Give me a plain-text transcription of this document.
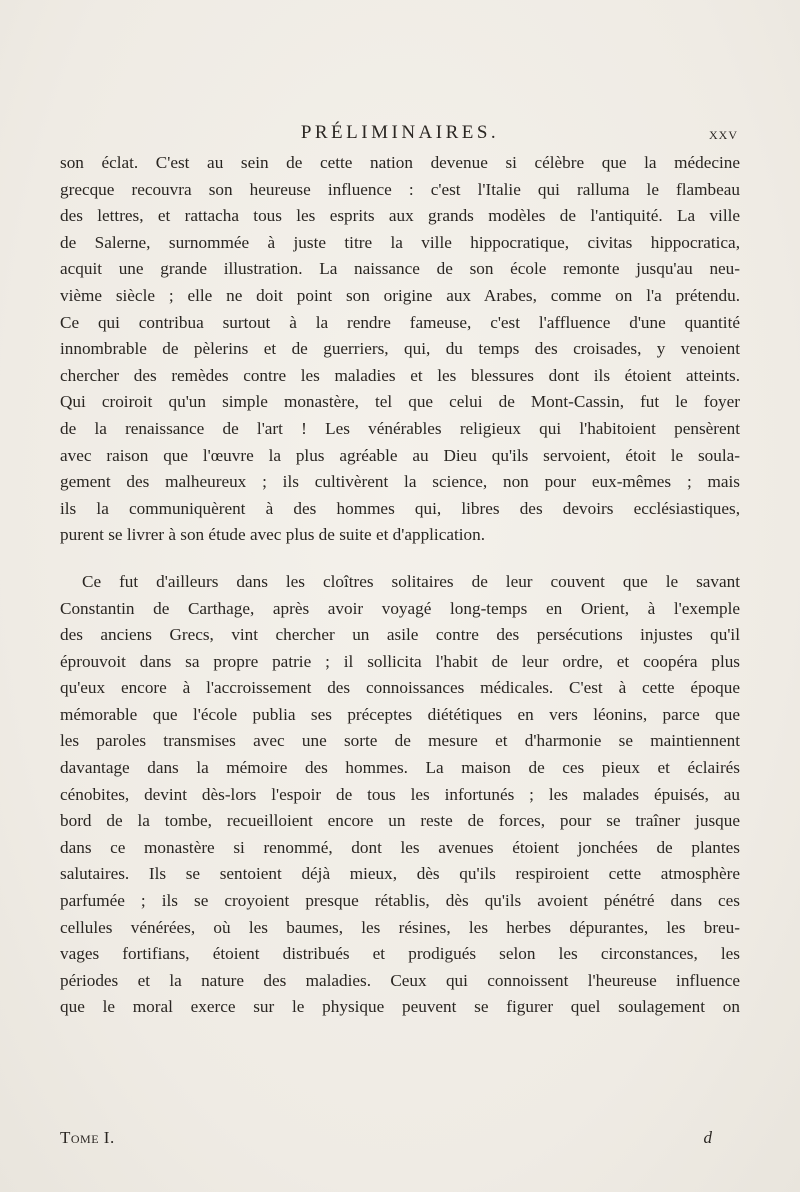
PRÉLIMINAIRES.	XXV
son éclat. C'est au sein de cette nation devenue si célèbre que la médecine
grecque recouvra son heureuse influence : c'est l'Italie qui ralluma le flambeau
des lettres, et rattacha tous les esprits aux grands modèles de l'antiquité. La ville
de Salerne, surnommée à juste titre la ville hippocratique, civitas hippocratica,
acquit une grande illustration. La naissance de son école remonte jusqu'au neu-
vième siècle ; elle ne doit point son origine aux Arabes, comme on l'a prétendu.
Ce qui contribua surtout à la rendre fameuse, c'est l'affluence d'une quantité
innombrable de pèlerins et de guerriers, qui, du temps des croisades, y venoient
chercher des remèdes contre les maladies et les blessures dont ils étoient atteints.
Qui croiroit qu'un simple monastère, tel que celui de Mont-Cassin, fut le foyer
de la renaissance de l'art ! Les vénérables religieux qui l'habitoient pensèrent
avec raison que l'œuvre la plus agréable au Dieu qu'ils servoient, étoit le soula-
gement des malheureux ; ils cultivèrent la science, non pour eux-mêmes ; mais
ils la communiquèrent à des hommes qui, libres des devoirs ecclésiastiques,
purent se livrer à son étude avec plus de suite et d'application.
Ce fut d'ailleurs dans les cloîtres solitaires de leur couvent que le savant
Constantin de Carthage, après avoir voyagé long-temps en Orient, à l'exemple
des anciens Grecs, vint chercher un asile contre des persécutions injustes qu'il
éprouvoit dans sa propre patrie ; il sollicita l'habit de leur ordre, et coopéra plus
qu'eux encore à l'accroissement des connoissances médicales. C'est à cette époque
mémorable que l'école publia ses préceptes diététiques en vers léonins, parce que
les paroles transmises avec une sorte de mesure et d'harmonie se maintiennent
davantage dans la mémoire des hommes. La maison de ces pieux et éclairés
cénobites, devint dès-lors l'espoir de tous les infortunés ; les malades épuisés, au
bord de la tombe, recueilloient encore un reste de forces, pour se traîner jusque
dans ce monastère si renommé, dont les avenues étoient jonchées de plantes
salutaires. Ils se sentoient déjà mieux, dès qu'ils respiroient cette atmosphère
parfumée ; ils se croyoient presque rétablis, dès qu'ils avoient pénétré dans ces
cellules vénérées, où les baumes, les résines, les herbes dépurantes, les breu-
vages fortifians, étoient distribués et prodigués selon les circonstances, les
périodes et la nature des maladies. Ceux qui connoissent l'heureuse influence
que le moral exerce sur le physique peuvent se figurer quel soulagement on
Tome I.	d
